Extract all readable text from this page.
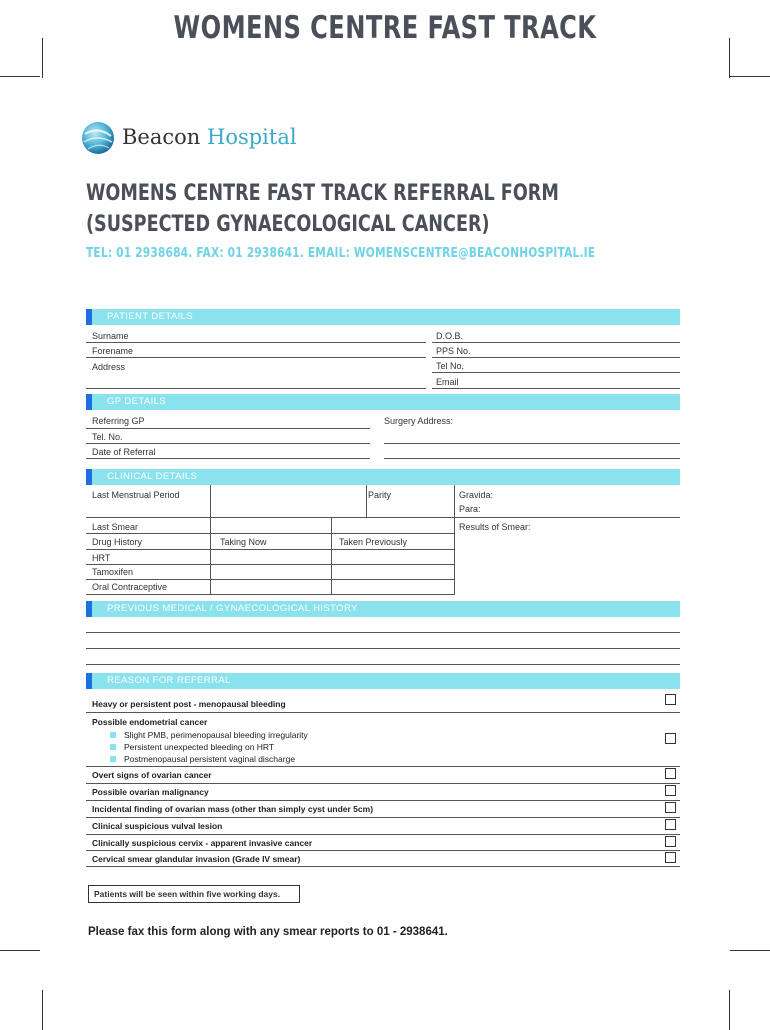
WOMENS CENTRE FAST TRACK
Beacon Hospital
WOMENS CENTRE FAST TRACK REFERRAL FORM
(SUSPECTED GYNAECOLOGICAL CANCER)
TEL: 01 2938684. FAX: 01 2938641. EMAIL: WOMENSCENTRE@BEACONHOSPITAL.IE
PATIENT DETAILS
Surname
Forename
Address
D.O.B.
PPS No.
Tel No.
Email
GP DETAILS
Referring GP	Surgery Address:
Tel. No.
Date of Referral
CLINICAL DETAILS
Last Menstrual Period	Parity	Gravida:
Para:
Last Smear	Results of Smear:
Drug History	Taking Now	Taken Previously
HRT
Tamoxifen
Oral Contraceptive
PREVIOUS MEDICAL / GYNAECOLOGICAL HISTORY
REASON FOR REFERRAL
Heavy or persistent post - menopausal bleeding
Possible endometrial cancer
Slight PMB, perimenopausal bleeding irregularity
Persistent unexpected bleeding on HRT
Postmenopausal persistent vaginal discharge
Overt signs of ovarian cancer
Possible ovarian malignancy
Incidental finding of ovarian mass (other than simply cyst under 5cm)
Clinical suspicious vulval lesion
Clinically suspicious cervix - apparent invasive cancer
Cervical smear glandular invasion (Grade IV smear)
Patients will be seen within five working days.
Please fax this form along with any smear reports to 01 - 2938641.
